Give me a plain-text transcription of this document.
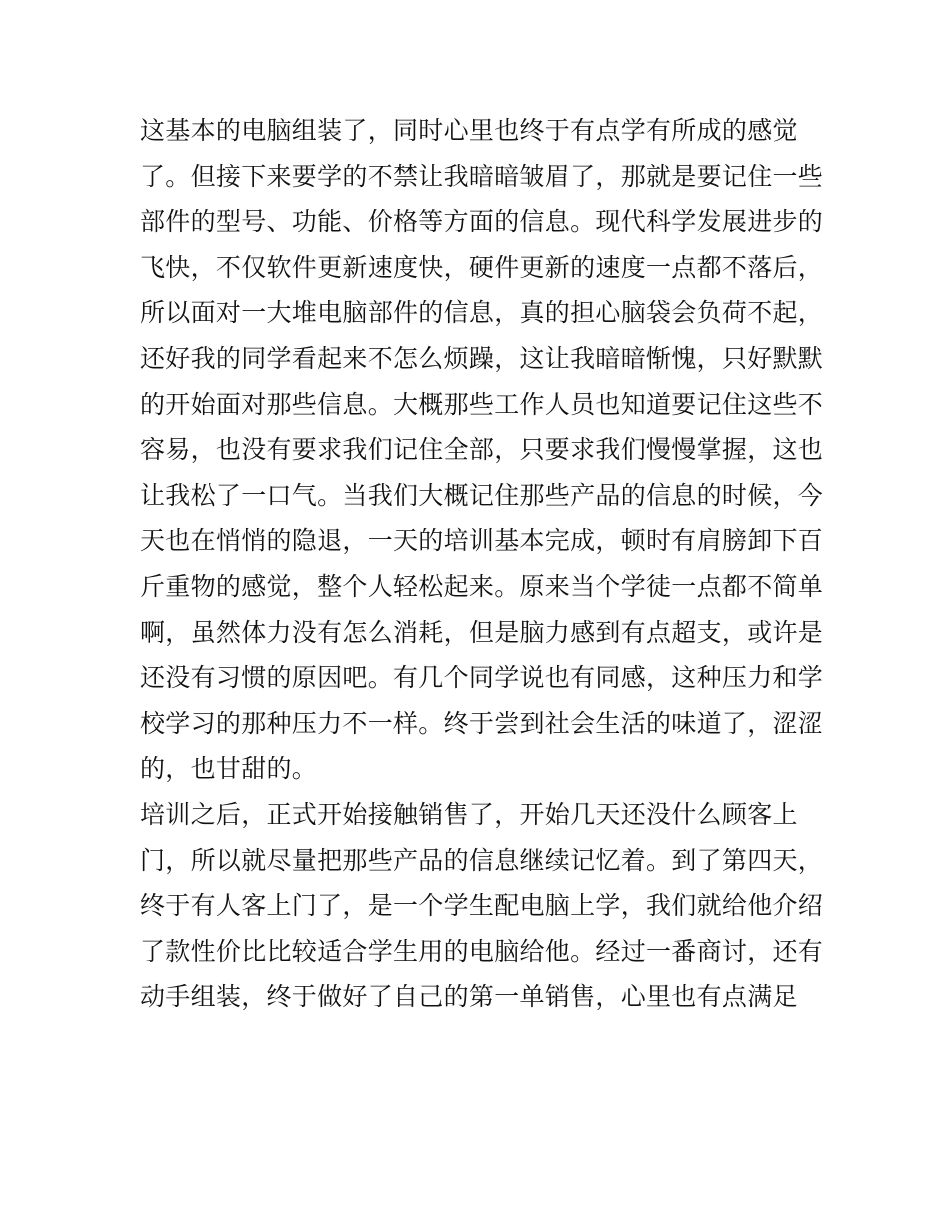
这基本的电脑组装了，同时心里也终于有点学有所成的感觉
了。但接下来要学的不禁让我暗暗皱眉了，那就是要记住一些
部件的型号、功能、价格等方面的信息。现代科学发展进步的
飞快，不仅软件更新速度快，硬件更新的速度一点都不落后，
所以面对一大堆电脑部件的信息，真的担心脑袋会负荷不起，
还好我的同学看起来不怎么烦躁，这让我暗暗惭愧，只好默默
的开始面对那些信息。大概那些工作人员也知道要记住这些不
容易，也没有要求我们记住全部，只要求我们慢慢掌握，这也
让我松了一口气。当我们大概记住那些产品的信息的时候，今
天也在悄悄的隐退，一天的培训基本完成，顿时有肩膀卸下百
斤重物的感觉，整个人轻松起来。原来当个学徒一点都不简单
啊，虽然体力没有怎么消耗，但是脑力感到有点超支，或许是
还没有习惯的原因吧。有几个同学说也有同感，这种压力和学
校学习的那种压力不一样。终于尝到社会生活的味道了，涩涩
的，也甘甜的。
培训之后，正式开始接触销售了，开始几天还没什么顾客上
门，所以就尽量把那些产品的信息继续记忆着。到了第四天，
终于有人客上门了，是一个学生配电脑上学，我们就给他介绍
了款性价比比较适合学生用的电脑给他。经过一番商讨，还有
动手组装，终于做好了自己的第一单销售，心里也有点满足
